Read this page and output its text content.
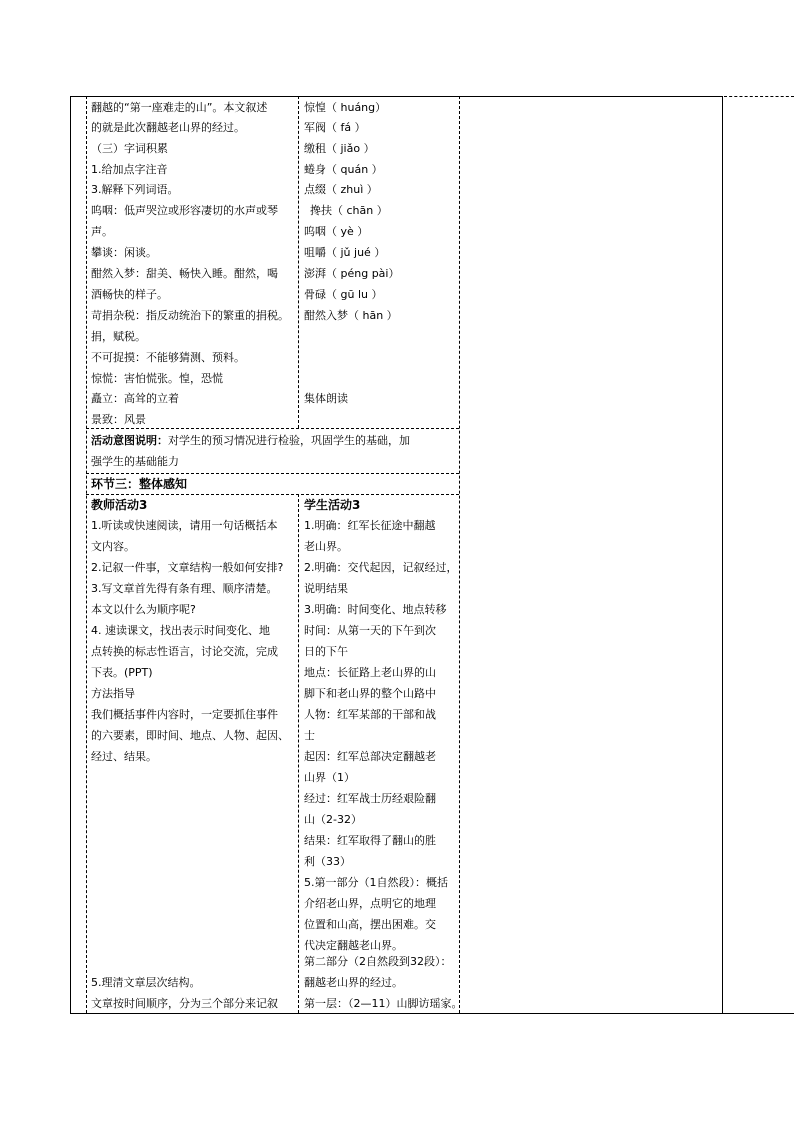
翻越的“第一座难走的山”。本文叙述
的就是此次翻越老山界的经过。
（三）字词积累
1.给加点字注音
3.解释下列词语。
呜咽：低声哭泣或形容凄切的水声或琴
声。
攀谈：闲谈。
酣然入梦：甜美、畅快入睡。酣然，喝
酒畅快的样子。
苛捐杂税：指反动统治下的繁重的捐税。
捐，赋税。
不可捉摸：不能够猜测、预料。
惊慌：害怕慌张。惶，恐慌
矗立：高耸的立着
景致：风景
惊惶（ huáng）
军阀（ fá ）
缴租（ jiǎo ）
蜷身（ quán ）
点缀（ zhuì ）
搀扶（ chān ）
呜咽（ yè ）
咀嚼（ jǔ jué ）
澎湃（ péng pài）
骨碌（ gū lu ）
酣然入梦（ hān ）
集体朗读
活动意图说明：对学生的预习情况进行检验，巩固学生的基础，加
强学生的基础能力
环节三：整体感知
教师活动3
1.听读或快速阅读，请用一句话概括本
文内容。
2.记叙一件事，文章结构一般如何安排?
3.写文章首先得有条有理、顺序清楚。
本文以什么为顺序呢?
4. 速读课文，找出表示时间变化、地
点转换的标志性语言，讨论交流，完成
下表。(PPT)
方法指导
我们概括事件内容时，一定要抓住事件
的六要素，即时间、地点、人物、起因、
经过、结果。
5.理清文章层次结构。
文章按时间顺序，分为三个部分来记叙
学生活动3
1.明确：红军长征途中翻越
老山界。
2.明确：交代起因，记叙经过，
说明结果
3.明确：时间变化、地点转移
时间：从第一天的下午到次
日的下午
地点：长征路上老山界的山
脚下和老山界的整个山路中
人物：红军某部的干部和战
士
起因：红军总部决定翻越老
山界（1）
经过：红军战士历经艰险翻
山（2-32）
结果：红军取得了翻山的胜
利（33）
5.第一部分（1自然段）：概括
介绍老山界，点明它的地理
位置和山高，摆出困难。交
代决定翻越老山界。
第二部分（2自然段到32段）：
翻越老山界的经过。
第一层：（2—11）山脚访瑶家。
